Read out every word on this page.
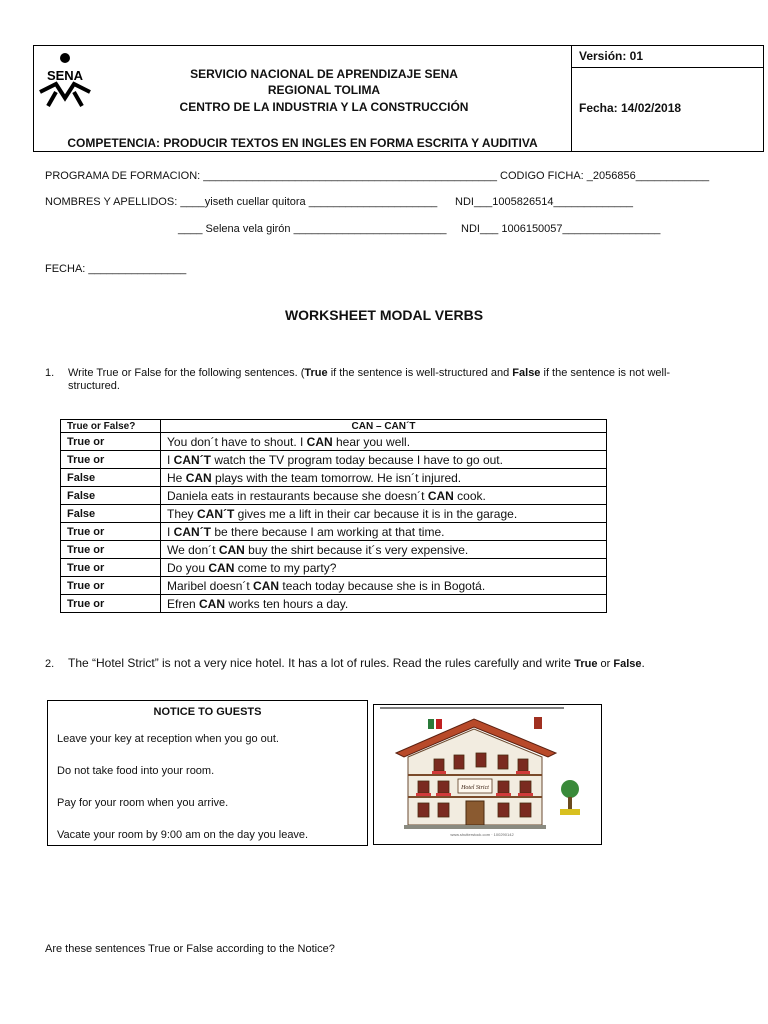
SENA	SERVICIO NACIONAL DE APRENDIZAJE SENA
REGIONAL TOLIMA
CENTRO DE LA INDUSTRIA Y LA CONSTRUCCIÓN
Versión: 01
Fecha: 14/02/2018
COMPETENCIA: PRODUCIR TEXTOS EN INGLES EN FORMA ESCRITA Y AUDITIVA
PROGRAMA DE FORMACION: ________________________________________________ CODIGO FICHA: _2056856____________
NOMBRES Y APELLIDOS: ____yiseth cuellar quitora _____________________ NDI___1005826514_____________
____ Selena vela girón _________________________ NDI___ 1006150057________________
FECHA: ________________
WORKSHEET MODAL VERBS
1. Write True or False for the following sentences. (True if the sentence is well-structured and False if the sentence is not well-
structured.
True or False?	CAN – CAN´T
True or	You don´t have to shout. I CAN hear you well.
True or	I CAN´T watch the TV program today because I have to go out.
False	He CAN plays with the team tomorrow. He isn´t injured.
False	Daniela eats in restaurants because she doesn´t CAN cook.
False	They CAN´T gives me a lift in their car because it is in the garage.
True or	I CAN´T be there because I am working at that time.
True or	We don´t CAN buy the shirt because it´s very expensive.
True or	Do you CAN come to my party?
True or	Maribel doesn´t CAN teach today because she is in Bogotá.
True or	Efren CAN works ten hours a day.
2. The “Hotel Strict” is not a very nice hotel. It has a lot of rules. Read the rules carefully and write True or False.
NOTICE TO GUESTS
Leave your key at reception when you go out.
Do not take food into your room.
Pay for your room when you arrive.
Vacate your room by 9:00 am on the day you leave.
Hotel Strict
www.shutterstock.com · 100290142
Are these sentences True or False according to the Notice?
